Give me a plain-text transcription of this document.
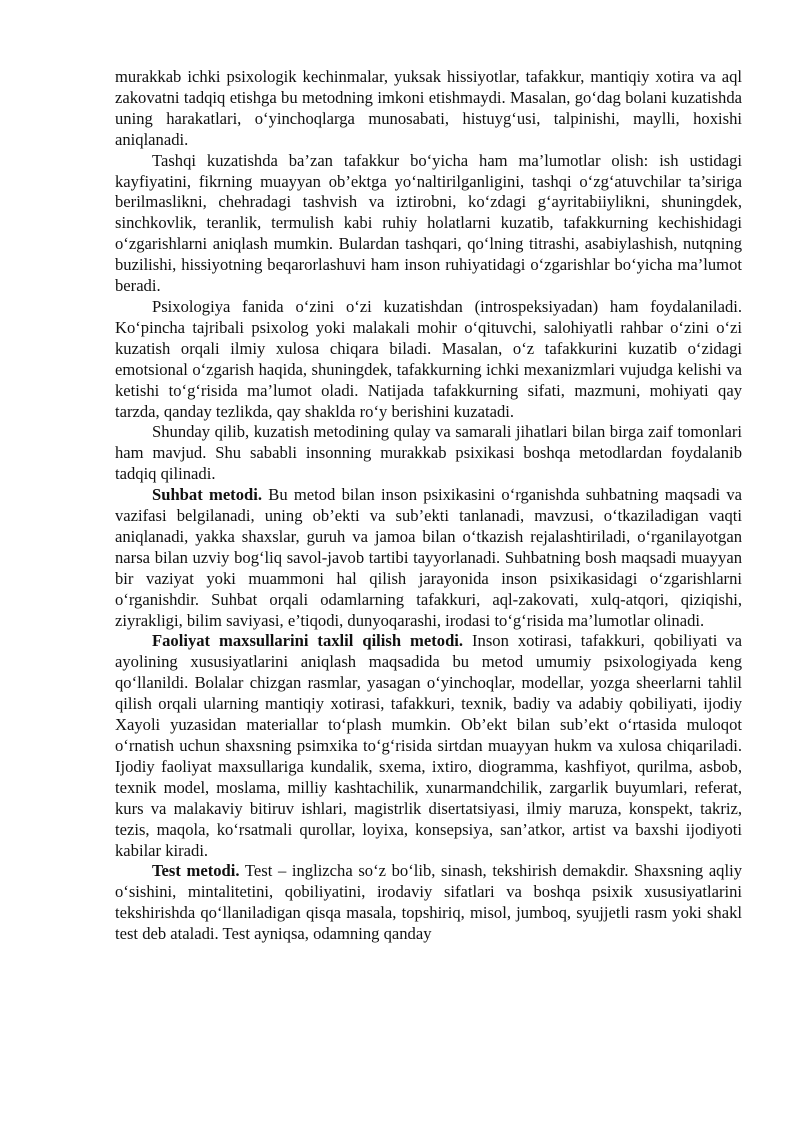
murakkab ichki psixologik kechinmalar, yuksak hissiyotlar, tafakkur, mantiqiy xotira va aql zakovatni tadqiq etishga bu metodning imkoni etishmaydi. Masalan, go‘dag bolani kuzatishda uning harakatlari, o‘yinchoqlarga munosabati, histuyg‘usi, talpinishi, maylli, hoxishi aniqlanadi.

Tashqi kuzatishda ba’zan tafakkur bo‘yicha ham ma’lumotlar olish: ish ustidagi kayfiyatini, fikrning muayyan ob’ektga yo‘naltirilganligini, tashqi o‘zg‘atuvchilar ta’siriga berilmaslikni, chehradagi tashvish va iztirobni, ko‘zdagi g‘ayritabiiylikni, shuningdek, sinchkovlik, teranlik, termulish kabi ruhiy holatlarni kuzatib, tafakkurning kechishidagi o‘zgarishlarni aniqlash mumkin. Bulardan tashqari, qo‘lning titrashi, asabiylashish, nutqning buzilishi, hissiyotning beqarorlashuvi ham inson ruhiyatidagi o‘zgarishlar bo‘yicha ma’lumot beradi.

Psixologiya fanida o‘zini o‘zi kuzatishdan (introspeksiyadan) ham foydalaniladi. Ko‘pincha tajribali psixolog yoki malakali mohir o‘qituvchi, salohiyatli rahbar o‘zini o‘zi kuzatish orqali ilmiy xulosa chiqara biladi. Masalan, o‘z tafakkurini kuzatib o‘zidagi emotsional o‘zgarish haqida, shuningdek, tafakkurning ichki mexanizmlari vujudga kelishi va ketishi to‘g‘risida ma’lumot oladi. Natijada tafakkurning sifati, mazmuni, mohiyati qay tarzda, qanday tezlikda, qay shaklda ro‘y berishini kuzatadi.

Shunday qilib, kuzatish metodining qulay va samarali jihatlari bilan birga zaif tomonlari ham mavjud. Shu sababli insonning murakkab psixikasi boshqa metodlardan foydalanib tadqiq qilinadi.

Suhbat metodi. Bu metod bilan inson psixikasini o‘rganishda suhbatning maqsadi va vazifasi belgilanadi, uning ob’ekti va sub’ekti tanlanadi, mavzusi, o‘tkaziladigan vaqti aniqlanadi, yakka shaxslar, guruh va jamoa bilan o‘tkazish rejalashtiriladi, o‘rganilayotgan narsa bilan uzviy bog‘liq savol-javob tartibi tayyorlanadi. Suhbatning bosh maqsadi muayyan bir vaziyat yoki muammoni hal qilish jarayonida inson psixikasidagi o‘zgarishlarni o‘rganishdir. Suhbat orqali odamlarning tafakkuri, aql-zakovati, xulq-atqori, qiziqishi, ziyrakligi, bilim saviyasi, e’tiqodi, dunyoqarashi, irodasi to‘g‘risida ma’lumotlar olinadi.

Faoliyat maxsullarini taxlil qilish metodi. Inson xotirasi, tafakkuri, qobiliyati va ayolining xususiyatlarini aniqlash maqsadida bu metod umumiy psixologiyada keng qo‘llanildi. Bolalar chizgan rasmlar, yasagan o‘yinchoqlar, modellar, yozga sheerlarni tahlil qilish orqali ularning mantiqiy xotirasi, tafakkuri, texnik, badiy va adabiy qobiliyati, ijodiy Xayoli yuzasidan materiallar to‘plash mumkin. Ob’ekt bilan sub’ekt o‘rtasida muloqot o‘rnatish uchun shaxsning psimxika to‘g‘risida sirtdan muayyan hukm va xulosa chiqariladi. Ijodiy faoliyat maxsullariga kundalik, sxema, ixtiro, diogramma, kashfiyot, qurilma, asbob, texnik model, moslama, milliy kashtachilik, xunarmandchilik, zargarlik buyumlari, referat, kurs va malakaviy bitiruv ishlari, magistrlik disertatsiyasi, ilmiy maruza, konspekt, takriz, tezis, maqola, ko‘rsatmali qurollar, loyixa, konsepsiya, san’atkor, artist va baxshi ijodiyoti kabilar kiradi.

Test metodi. Test – inglizcha so‘z bo‘lib, sinash, tekshirish demakdir. Shaxsning aqliy o‘sishini, mintalitetini, qobiliyatini, irodaviy sifatlari va boshqa psixik xususiyatlarini tekshirishda qo‘llaniladigan qisqa masala, topshiriq, misol, jumboq, syujjetli rasm yoki shakl test deb ataladi. Test ayniqsa, odamning qanday
